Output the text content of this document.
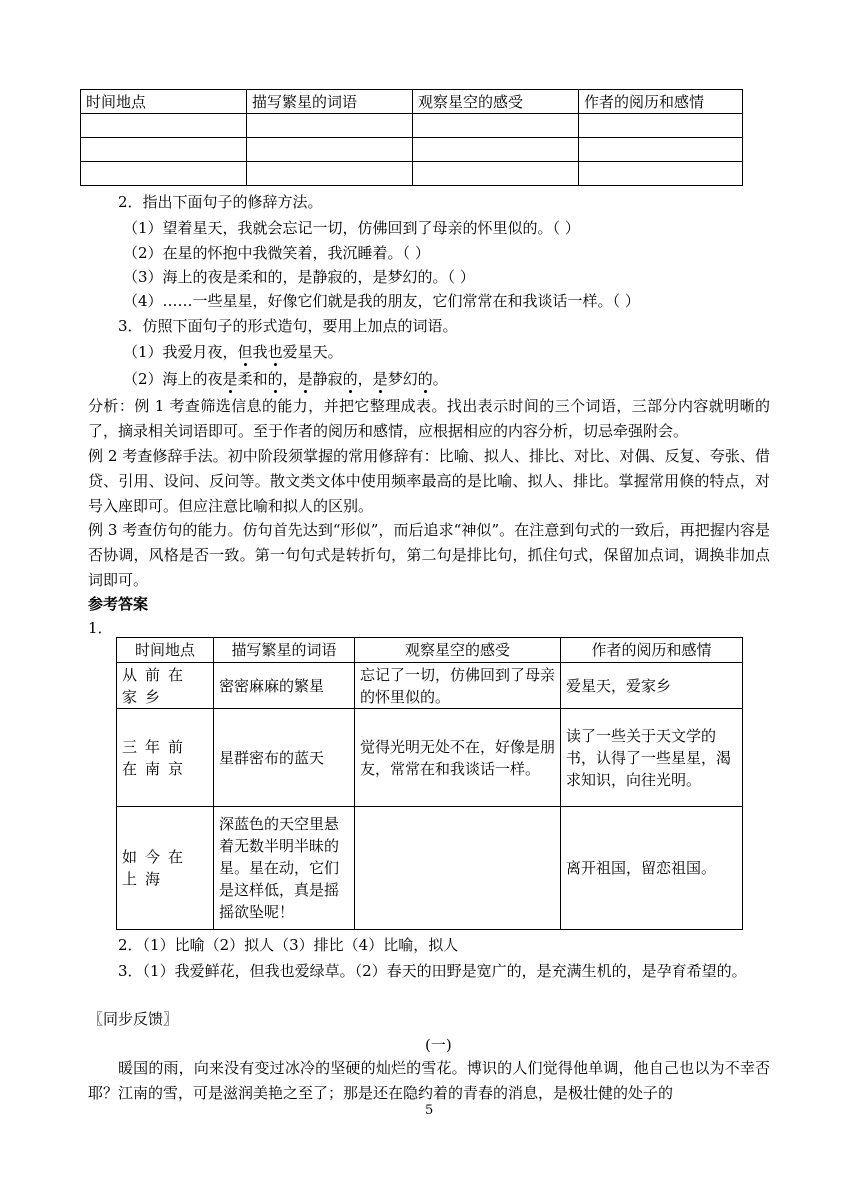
时间地点	描写繁星的词语	观察星空的感受	作者的阅历和感情

2．指出下面句子的修辞方法。
（1）望着星天，我就会忘记一切，仿佛回到了母亲的怀里似的。（ ）
（2）在星的怀抱中我微笑着，我沉睡着。（ ）
（3）海上的夜是柔和的，是静寂的，是梦幻的。（ ）
（4）……一些星星，好像它们就是我的朋友，它们常常在和我谈话一样。（ ）
3．仿照下面句子的形式造句，要用上加点的词语。
（1）我爱月夜，但我也爱星天。
（2）海上的夜是柔和的，是静寂的，是梦幻的。
分析：例 1 考查筛选信息的能力，并把它整理成表。找出表示时间的三个词语，三部分内容就明晰的了，摘录相关词语即可。至于作者的阅历和感情，应根据相应的内容分析，切忌牵强附会。
例 2 考查修辞手法。初中阶段须掌握的常用修辞有：比喻、拟人、排比、对比、对偶、反复、夸张、借贷、引用、设问、反问等。散文类文体中使用频率最高的是比喻、拟人、排比。掌握常用倏的特点，对号入座即可。但应注意比喻和拟人的区别。
例 3 考查仿句的能力。仿句首先达到“形似”，而后追求“神似”。在注意到句式的一致后，再把握内容是否协调，风格是否一致。第一句句式是转折句，第二句是排比句，抓住句式，保留加点词，调换非加点词即可。
参考答案
1．
时间地点	描写繁星的词语	观察星空的感受	作者的阅历和感情
从前在家乡	密密麻麻的繁星	忘记了一切，仿佛回到了母亲的怀里似的。	爱星天，爱家乡
三年前在南京	星群密布的蓝天	觉得光明无处不在，好像是朋友，常常在和我谈话一样。	读了一些关于天文学的书，认得了一些星星，渴求知识，向往光明。
如今在上海	深蓝色的天空里悬着无数半明半昧的星。星在动，它们是这样低，真是摇摇欲坠呢！		离开祖国，留恋祖国。
2．（1）比喻（2）拟人（3）排比（4）比喻，拟人
3．（1）我爱鲜花，但我也爱绿草。（2）春天的田野是宽广的，是充满生机的，是孕育希望的。
〖同步反馈〗
(一)
暖国的雨，向来没有变过冰冷的坚硬的灿烂的雪花。博识的人们觉得他单调，他自己也以为不幸否耶？江南的雪，可是滋润美艳之至了；那是还在隐约着的青春的消息，是极壮健的处子的
5
